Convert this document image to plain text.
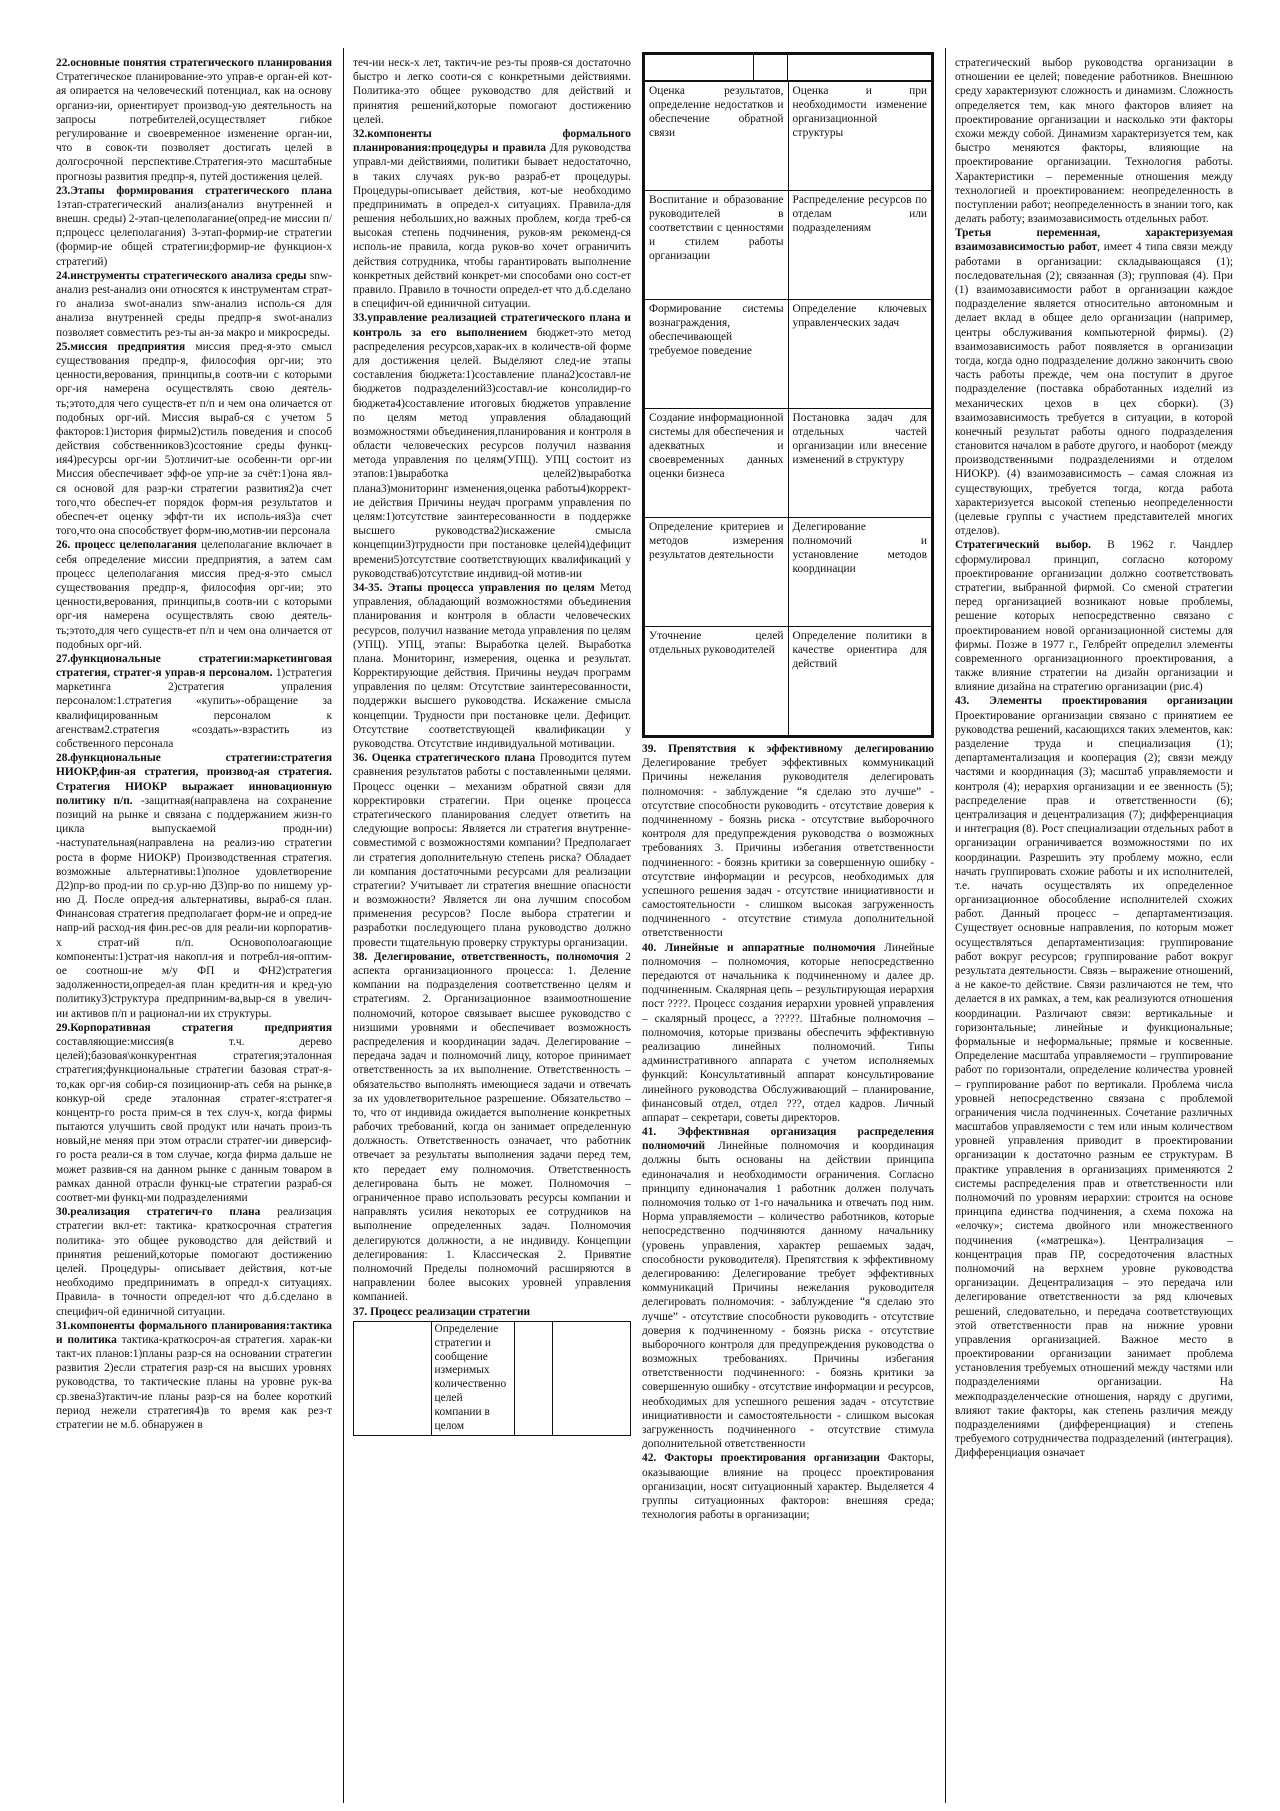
22.основные понятия стратегического планирования Стратегическое планирование-это управ-е орган-ей кот-ая опирается на человеческий потенциал, как на основу организ-ии, ориентирует производ-ую деятельность на запросы потребителей,осуществляет гибкое регулирование и своевременное изменение орган-ии, что в совок-ти позволяет достигать целей в долгосрочной перспективе.Стратегия-это масштабные прогнозы развития предпр-я, путей достижения целей.

23.Этапы формирования стратегического плана 1этап-стратегический анализ(анализ внутренней и внешн. среды) 2-этап-целеполагание(опред-ие миссии п/п;процесс целеполагания) 3-этап-формир-ие стратегии (формир-ие общей стратегии;формир-ие функцион-х стратегий)

24.инструменты стратегического анализа среды snw-анализ pest-анализ они относятся к инструментам страт-го анализа swot-анализ snw-анализ исполь-ся для анализа внутренней среды предпр-я swot-анализ позволяет совместить рез-ты ан-за макро и микросреды.

25.миссия предприятия миссия пред-я-это смысл существования предпр-я, философия орг-ии; это ценности,верования, принципы,в соотв-ии с которыми орг-ия намерена осуществлять свою деятель-ть;этото,для чего существ-ет п/п и чем она оличается от подобных орг-ий. Миссия выраб-ся с учетом 5 факторов:1)история фирмы2)стиль поведения и способ действия собственников3)состояние среды функц-ия4)ресурсы орг-ии 5)отличит-ые особенн-ти орг-ии Миссия обеспечивает эфф-ое упр-ие за счёт:1)она явл-ся основой для разр-ки стратегии развития2)а счет того,что обеспеч-ет порядок форм-ия результатов и обеспеч-ет оценку эффт-ти их исполь-ия3)а счет того,что она способствует форм-ию,мотив-ии персонала

26. процесс целеполагания целеполагание включает в себя определение миссии предприятия, а затем сам процесс целеполагания миссия пред-я-это смысл существования предпр-я, философия орг-ии; это ценности,верования, принципы,в соотв-ии с которыми орг-ия намерена осуществлять свою деятель-ть;этото,для чего существ-ет п/п и чем она оличается от подобных орг-ий.

27.функциональные стратегии:маркетинговая стратегия, стратег-я управ-я персоналом. 1)стратегия маркетинга 2)стратегия упраления персоналом:1.стратегия «купить»-обращение за квалифицированным персоналом к агенствам2.стратегия «создать»-взрастить из собственного персонала

28.функциональные стратегии:стратегия НИОКР,фин-ая стратегия, производ-ая стратегия. Стратегия НИОКР выражает инновационную политику п/п. -защитная(направлена на сохранение позиций на рынке и связана с поддержанием жизн-го цикла выпускаемой продн-ии) -наступательная(направлена на реализ-ию стратегии роста в форме НИОКР) Производственная стратегия. возможные альтернативы:1)полное удовлетворение Д2)пр-во прод-ии по ср.ур-ню Д3)пр-во по нишему ур-ню Д. После опред-ия альтернативы, выраб-ся план. Финансовая стратегия предполагает форм-ие и опред-ие напр-ий расход-ия фин.рес-ов для реали-ии корпоратив-х страт-ий п/п. Основополоагающие компоненты:1)страт-ия накопл-ия и потребл-ия-оптим-ое соотнош-ие м/у ФП и ФН2)стратегия задолженности,определ-ая план кредитн-ия и кред-ую политику3)структура предприним-ва,выр-ся в увелич-ии активов п/п и рационал-ии их структуры.

29.Корпоративная стратегия предприятия составляющие:миссия(в т.ч. дерево целей);базовая\конкурентная стратегия;эталонная стратегия;функциональные стратегии базовая страт-я-то,как орг-ия собир-ся позиционир-ать себя на рынке,в конкур-ой среде эталонная стратег-я:стратег-я концентр-го роста прим-ся в тех случ-х, когда фирмы пытаются улучшить свой продукт или начать произ-ть новый,не меняя при этом отрасли стратег-ии диверсиф-го роста реали-ся в том случае, когда фирма дальше не может развив-ся на данном рынке с данным товаром в рамках данной отрасли функц-ые стратегии разраб-ся соответ-ми функц-ми подразделениями

30.реализация стратегич-го плана реализация стратегии вкл-ет: тактика- краткосрочная стратегия политика- это общее руководство для действий и принятия решений,которые помогают достижению целей. Процедуры- описывает действия, кот-ые необходимо предпринимать в опредл-х ситуациях. Правила- в точности определ-ют что д.б.сделано в специфич-ой единичной ситуации.

31.компоненты формального планирования:тактика и политика тактика-краткосроч-ая стратегия. харак-ки такт-их планов:1)планы разр-ся на основании стратегии развития 2)если стратегия разр-ся на высших уровнях руководства, то тактические планы на уровне рук-ва ср.звена3)тактич-ие планы разр-ся на более короткий период нежели стратегия4)в то время как рез-т стратегии не м.б. обнаружен в

теч-ии неск-х лет, тактич-ие рез-ты прояв-ся достаточно быстро и легко сооти-ся с конкретными действиями. Политика-это общее руководство для действий и принятия решений,которые помогают достижению целей.

32.компоненты формального планирования:процедуры и правила Для руководства управл-ми действиями, политики бывает недостаточно, в таких случаях рук-во разраб-ет процедуры. Процедуры-описывает действия, кот-ые необходимо предпринимать в определ-х ситуациях. Правила-для решения небольших,но важных проблем, когда треб-ся высокая степень подчинения, руков-ям рекоменд-ся исполь-ие правила, когда руков-во хочет ограничить действия сотрудника, чтобы гарантировать выполнение конкретных действий конкрет-ми способами оно сост-ет правило. Правило в точности определ-ет что д.б.сделано в специфич-ой единичной ситуации.

33.управление реализацией стратегического плана и контроль за его выполнением бюджет-это метод распределения ресурсов,харак-их в количеств-ой форме для достижения целей. Выделяют след-ие этапы составления бюджета:1)составление плана2)составл-ие бюджетов подразделений3)составл-ие консолидир-го бюджета4)составление итоговых бюджетов управление по целям метод управления обладающий возможностями объединения,планирования и контроля в области человеческих ресурсов получил названия метода управления по целям(УПЦ). УПЦ состоит из этапов:1)выработка целей2)выработка плана3)мониторинг изменения,оценка работы4)коррект-ие действия Причины неудач программ управления по целям:1)отсутствие заинтересованности в поддержке высшего руководства2)искажение смысла концепции3)трудности при постановке целей4)дефицит времени5)отсутствие соответствующих квалификаций у руководства6)отсутствие индивид-ой мотив-ии

34-35. Этапы процесса управления по целям Метод управления, обладающий возможностями объединения планирования и контроля в области человеческих ресурсов, получил название метода управления по целям (УПЦ). УПЦ, этапы: Выработка целей. Выработка плана. Мониторинг, измерения, оценка и результат. Корректирующие действия. Причины неудач программ управления по целям: Отсутствие заинтересованности, поддержки высшего руководства. Искажение смысла концепции. Трудности при постановке цели. Дефицит. Отсутствие соответствующей квалификации у руководства. Отсутствие индивидуальной мотивации.

36. Оценка стратегического плана Проводится путем сравнения результатов работы с поставленными целями. Процесс оценки – механизм обратной связи для корректировки стратегии. При оценке процесса стратегического планирования следует ответить на следующие вопросы: Является ли стратегия внутренне-совместимой с возможностями компании? Предполагает ли стратегия дополнительную степень риска? Обладает ли компания достаточными ресурсами для реализации стратегии? Учитывает ли стратегия внешние опасности и возможности? Является ли она лучшим способом применения ресурсов? После выбора стратегии и разработки последующего плана руководство должно провести тщательную проверку структуры организации.

38. Делегирование, ответственность, полномочия 2 аспекта организационного процесса: 1. Деление компании на подразделения соответственно целям и стратегиям. 2. Организационное взаимоотношение полномочий, которое связывает высшее руководство с низшими уровнями и обеспечивает возможность распределения и координации задач. Делегирование – передача задач и полномочий лицу, которое принимает ответственность за их выполнение. Ответственность – обязательство выполнять имеющиеся задачи и отвечать за их удовлетворительное разрешение. Обязательство – то, что от индивида ожидается выполнение конкретных рабочих требований, когда он занимает определенную должность. Ответственность означает, что работник отвечает за результаты выполнения задачи перед тем, кто передает ему полномочия. Ответственность делегирована быть не может. Полномочия – ограниченное право использовать ресурсы компании и направлять усилия некоторых ее сотрудников на выполнение определенных задач. Полномочия делегируются должности, а не индивиду. Концепции делегирования: 1. Классическая 2. Привятие полномочий Пределы полномочий расширяются в направлении более высоких уровней управления компанией.

37. Процесс реализации стратегии

	Определение стратегии и сообщение измеримых количественно целей компании в целом		

Оценка результатов, определение недостатков и обеспечение обратной связи	Оценка и при необходимости изменение организационной структуры
Воспитание и образование руководителей в соответствии с ценностями и стилем работы организации	Распределение ресурсов по отделам или подразделениям
Формирование системы вознаграждения, обеспечивающей требуемое поведение	Определение ключевых управленческих задач
Создание информационной системы для обеспечения и адекватных и своевременных данных оценки бизнеса	Постановка задач для отдельных частей организации или внесение изменений в структуру
Определение критериев и методов измерения результатов деятельности	Делегирование полномочий и установление методов координации
Уточнение целей отдельных руководителей	Определение политики в качестве ориентира для действий

39. Препятствия к эффективному делегированию Делегирование требует эффективных коммуникаций Причины нежелания руководителя делегировать полномочия: - заблуждение “я сделаю это лучше” - отсутствие способности руководить - отсутствие доверия к подчиненному - боязнь риска - отсутствие выборочного контроля для предупреждения руководства о возможных требованиях 3. Причины избегания ответственности подчиненного: - боязнь критики за совершенную ошибку - отсутствие информации и ресурсов, необходимых для успешного решения задач - отсутствие инициативности и самостоятельности - слишком высокая загруженность подчиненного - отсутствие стимула дополнительной ответственности

40. Линейные и аппаратные полномочия Линейные полномочия – полномочия, которые непосредственно передаются от начальника к подчиненному и далее др. подчиненным. Скалярная цепь – результирующая иерархия пост ????. Процесс создания иерархии уровней управления – скалярный процесс, а ?????. Штабные полномочия – полномочия, которые призваны обеспечить эффективную реализацию линейных полномочий. Типы административного аппарата с учетом исполняемых функций: Консультативный аппарат консультирование линейного руководства Обслуживающий – планирование, финансовый отдел, отдел ???, отдел кадров. Личный аппарат – секретари, советы директоров.

41. Эффективная организация распределения полномочий Линейные полномочия и координация должны быть основаны на действии принципа единоначалия и необходимости ограничения. Согласно принципу единоначалия 1 работник должен получать полномочия только от 1-го начальника и отвечать под ним. Норма управляемости – количество работников, которые непосредственно подчиняются данному начальнику (уровень управления, характер решаемых задач, способности руководителя). Препятствия к эффективному делегированию: Делегирование требует эффективных коммуникаций Причины нежелания руководителя делегировать полномочия: - заблуждение “я сделаю это лучше” - отсутствие способности руководить - отсутствие доверия к подчиненному - боязнь риска - отсутствие выборочного контроля для предупреждения руководства о возможных требованиях. Причины избегания ответственности подчиненного: - боязнь критики за совершенную ошибку - отсутствие информации и ресурсов, необходимых для успешного решения задач - отсутствие инициативности и самостоятельности - слишком высокая загруженность подчиненного - отсутствие стимула дополнительной ответственности

42. Факторы проектирования организации Факторы, оказывающие влияние на процесс проектирования организации, носят ситуационный характер. Выделяется 4 группы ситуационных факторов: внешняя среда; технология работы в организации;

стратегический выбор руководства организации в отношении ее целей; поведение работников. Внешнюю среду характеризуют сложность и динамизм. Сложность определяется тем, как много факторов влияет на проектирование организации и насколько эти факторы схожи между собой. Динамизм характеризуется тем, как быстро меняются факторы, влияющие на проектирование организации. Технология работы. Характеристики – переменные отношения между технологией и проектированием: неопределенность в поступлении работ; неопределенность в знании того, как делать работу; взаимозависимость отдельных работ.

Третья переменная, характеризуемая взаимозависимостью работ, имеет 4 типа связи между работами в организации: складывающаяся (1); последовательная (2); связанная (3); групповая (4). При (1) взаимозависимости работ в организации каждое подразделение является относительно автономным и делает вклад в общее дело организации (например, центры обслуживания компьютерной фирмы). (2) взаимозависимость работ появляется в организации тогда, когда одно подразделение должно закончить свою часть работы прежде, чем она поступит в другое подразделение (поставка обработанных изделий из механических цехов в цех сборки). (3) взаимозависимость требуется в ситуации, в которой конечный результат работы одного подразделения становится началом в работе другого, и наоборот (между производственными подразделениями и отделом НИОКР). (4) взаимозависимость – самая сложная из существующих, требуется тогда, когда работа характеризуется высокой степенью неопределенности (целевые группы с участием представителей многих отделов).

Стратегический выбор. В 1962 г. Чандлер сформулировал принцип, согласно которому проектирование организации должно соответствовать стратегии, выбранной фирмой. Со сменой стратегии перед организацией возникают новые проблемы, решение которых непосредственно связано с проектированием новой организационной системы для фирмы. Позже в 1977 г., Гелбрейт определил элементы современного организационного проектирования, а также влияние стратегии на дизайн организации и влияние дизайна на стратегию организации (рис.4)

43. Элементы проектирования организации Проектирование организации связано с принятием ее руководства решений, касающихся таких элементов, как: разделение труда и специализация (1); департаментализация и кооперация (2); связи между частями и координация (3); масштаб управляемости и контроля (4); иерархия организации и ее звенность (5); распределение прав и ответственности (6); централизация и децентрализация (7); дифференциация и интеграция (8). Рост специализации отдельных работ в организации ограничивается возможностями по их координации. Разрешить эту проблему можно, если начать группировать схожие работы и их исполнителей, т.е. начать осуществлять их определенное организационное обособление исполнителей схожих работ. Данный процесс – департаментизация. Существует основные направления, по которым может осуществляться департаментизация: группирование работ вокруг ресурсов; группирование работ вокруг результата деятельности. Связь – выражение отношений, а не какое-то действие. Связи различаются не тем, что делается в их рамках, а тем, как реализуются отношения координации. Различают связи: вертикальные и горизонтальные; линейные и функциональные; формальные и неформальные; прямые и косвенные. Определение масштаба управляемости – группирование работ по горизонтали, определение количества уровней – группирование работ по вертикали. Проблема числа уровней непосредственно связана с проблемой ограничения числа подчиненных. Сочетание различных масштабов управляемости с тем или иным количеством уровней управления приводит в проектировании организации к достаточно разным ее структурам. В практике управления в организациях применяются 2 системы распределения прав и ответственности или полномочий по уровням иерархии: строится на основе принципа единства подчинения, а схема похожа на «елочку»; система двойного или множественного подчинения («матрешка»). Централизация – концентрация прав ПР, сосредоточения властных полномочий на верхнем уровне руководства организации. Децентрализация – это передача или делегирование ответственности за ряд ключевых решений, следовательно, и передача соответствующих этой ответственности прав на нижние уровни управления организацией. Важное место в проектировании организации занимает проблема установления требуемых отношений между частями или подразделениями организации. На межподразделенческие отношения, наряду с другими, влияют такие факторы, как степень различия между подразделениями (дифференциация) и степень требуемого сотрудничества подразделений (интеграция). Дифференциация означает
